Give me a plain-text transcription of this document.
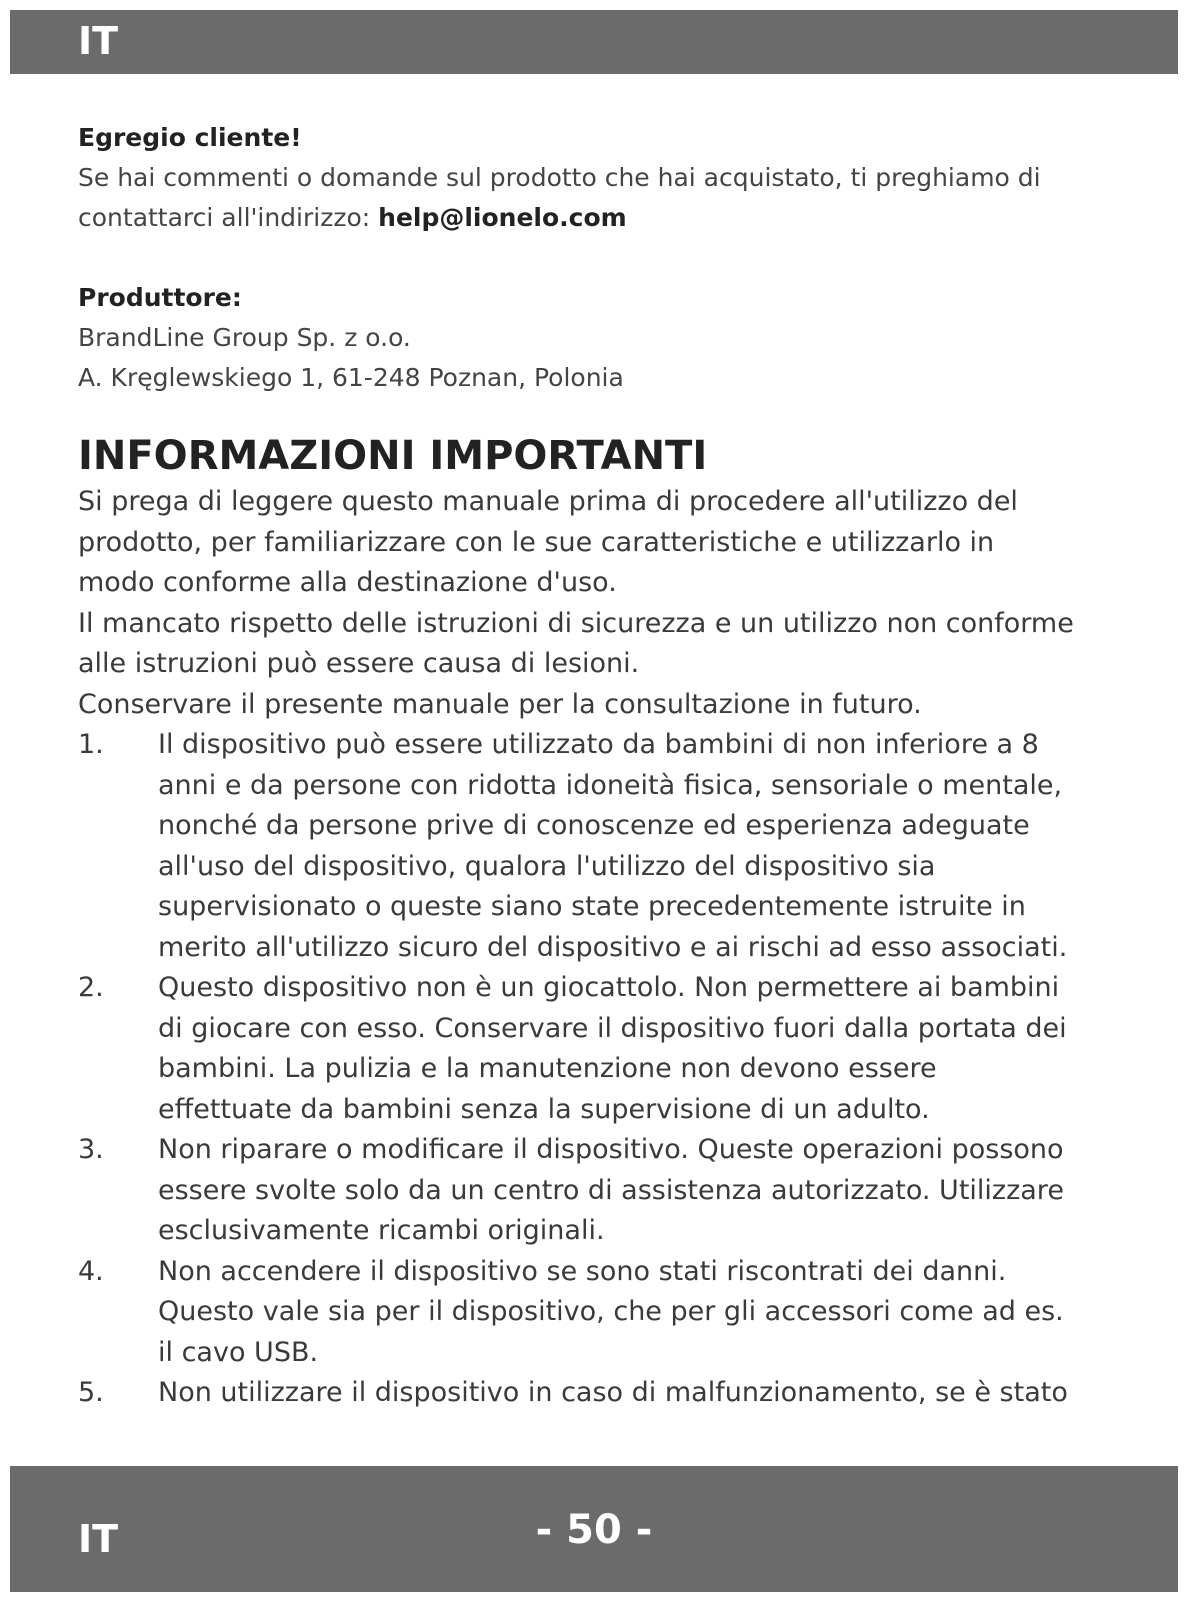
IT
Egregio cliente!

Se hai commenti o domande sul prodotto che hai acquistato, ti preghiamo di contattarci all'indirizzo: help@lionelo.com

Produttore:

BrandLine Group Sp. z o.o.

A. Kręglewskiego 1, 61-248 Poznan, Polonia

INFORMAZIONI IMPORTANTI

Si prega di leggere questo manuale prima di procedere all'utilizzo del prodotto, per familiarizzare con le sue caratteristiche e utilizzarlo in modo conforme alla destinazione d'uso.

Il mancato rispetto delle istruzioni di sicurezza e un utilizzo non conforme alle istruzioni può essere causa di lesioni.

Conservare il presente manuale per la consultazione in futuro.

1. Il dispositivo può essere utilizzato da bambini di non inferiore a 8 anni e da persone con ridotta idoneità fisica, sensoriale o mentale, nonché da persone prive di conoscenze ed esperienza adeguate all'uso del dispositivo, qualora l'utilizzo del dispositivo sia supervisionato o queste siano state precedentemente istruite in merito all'utilizzo sicuro del dispositivo e ai rischi ad esso associati.
2. Questo dispositivo non è un giocattolo. Non permettere ai bambini di giocare con esso. Conservare il dispositivo fuori dalla portata dei bambini. La pulizia e la manutenzione non devono essere effettuate da bambini senza la supervisione di un adulto.
3. Non riparare o modificare il dispositivo. Queste operazioni possono essere svolte solo da un centro di assistenza autorizzato. Utilizzare esclusivamente ricambi originali.
4. Non accendere il dispositivo se sono stati riscontrati dei danni. Questo vale sia per il dispositivo, che per gli accessori come ad es. il cavo USB.
5. Non utilizzare il dispositivo in caso di malfunzionamento, se è stato
IT	- 50 -
